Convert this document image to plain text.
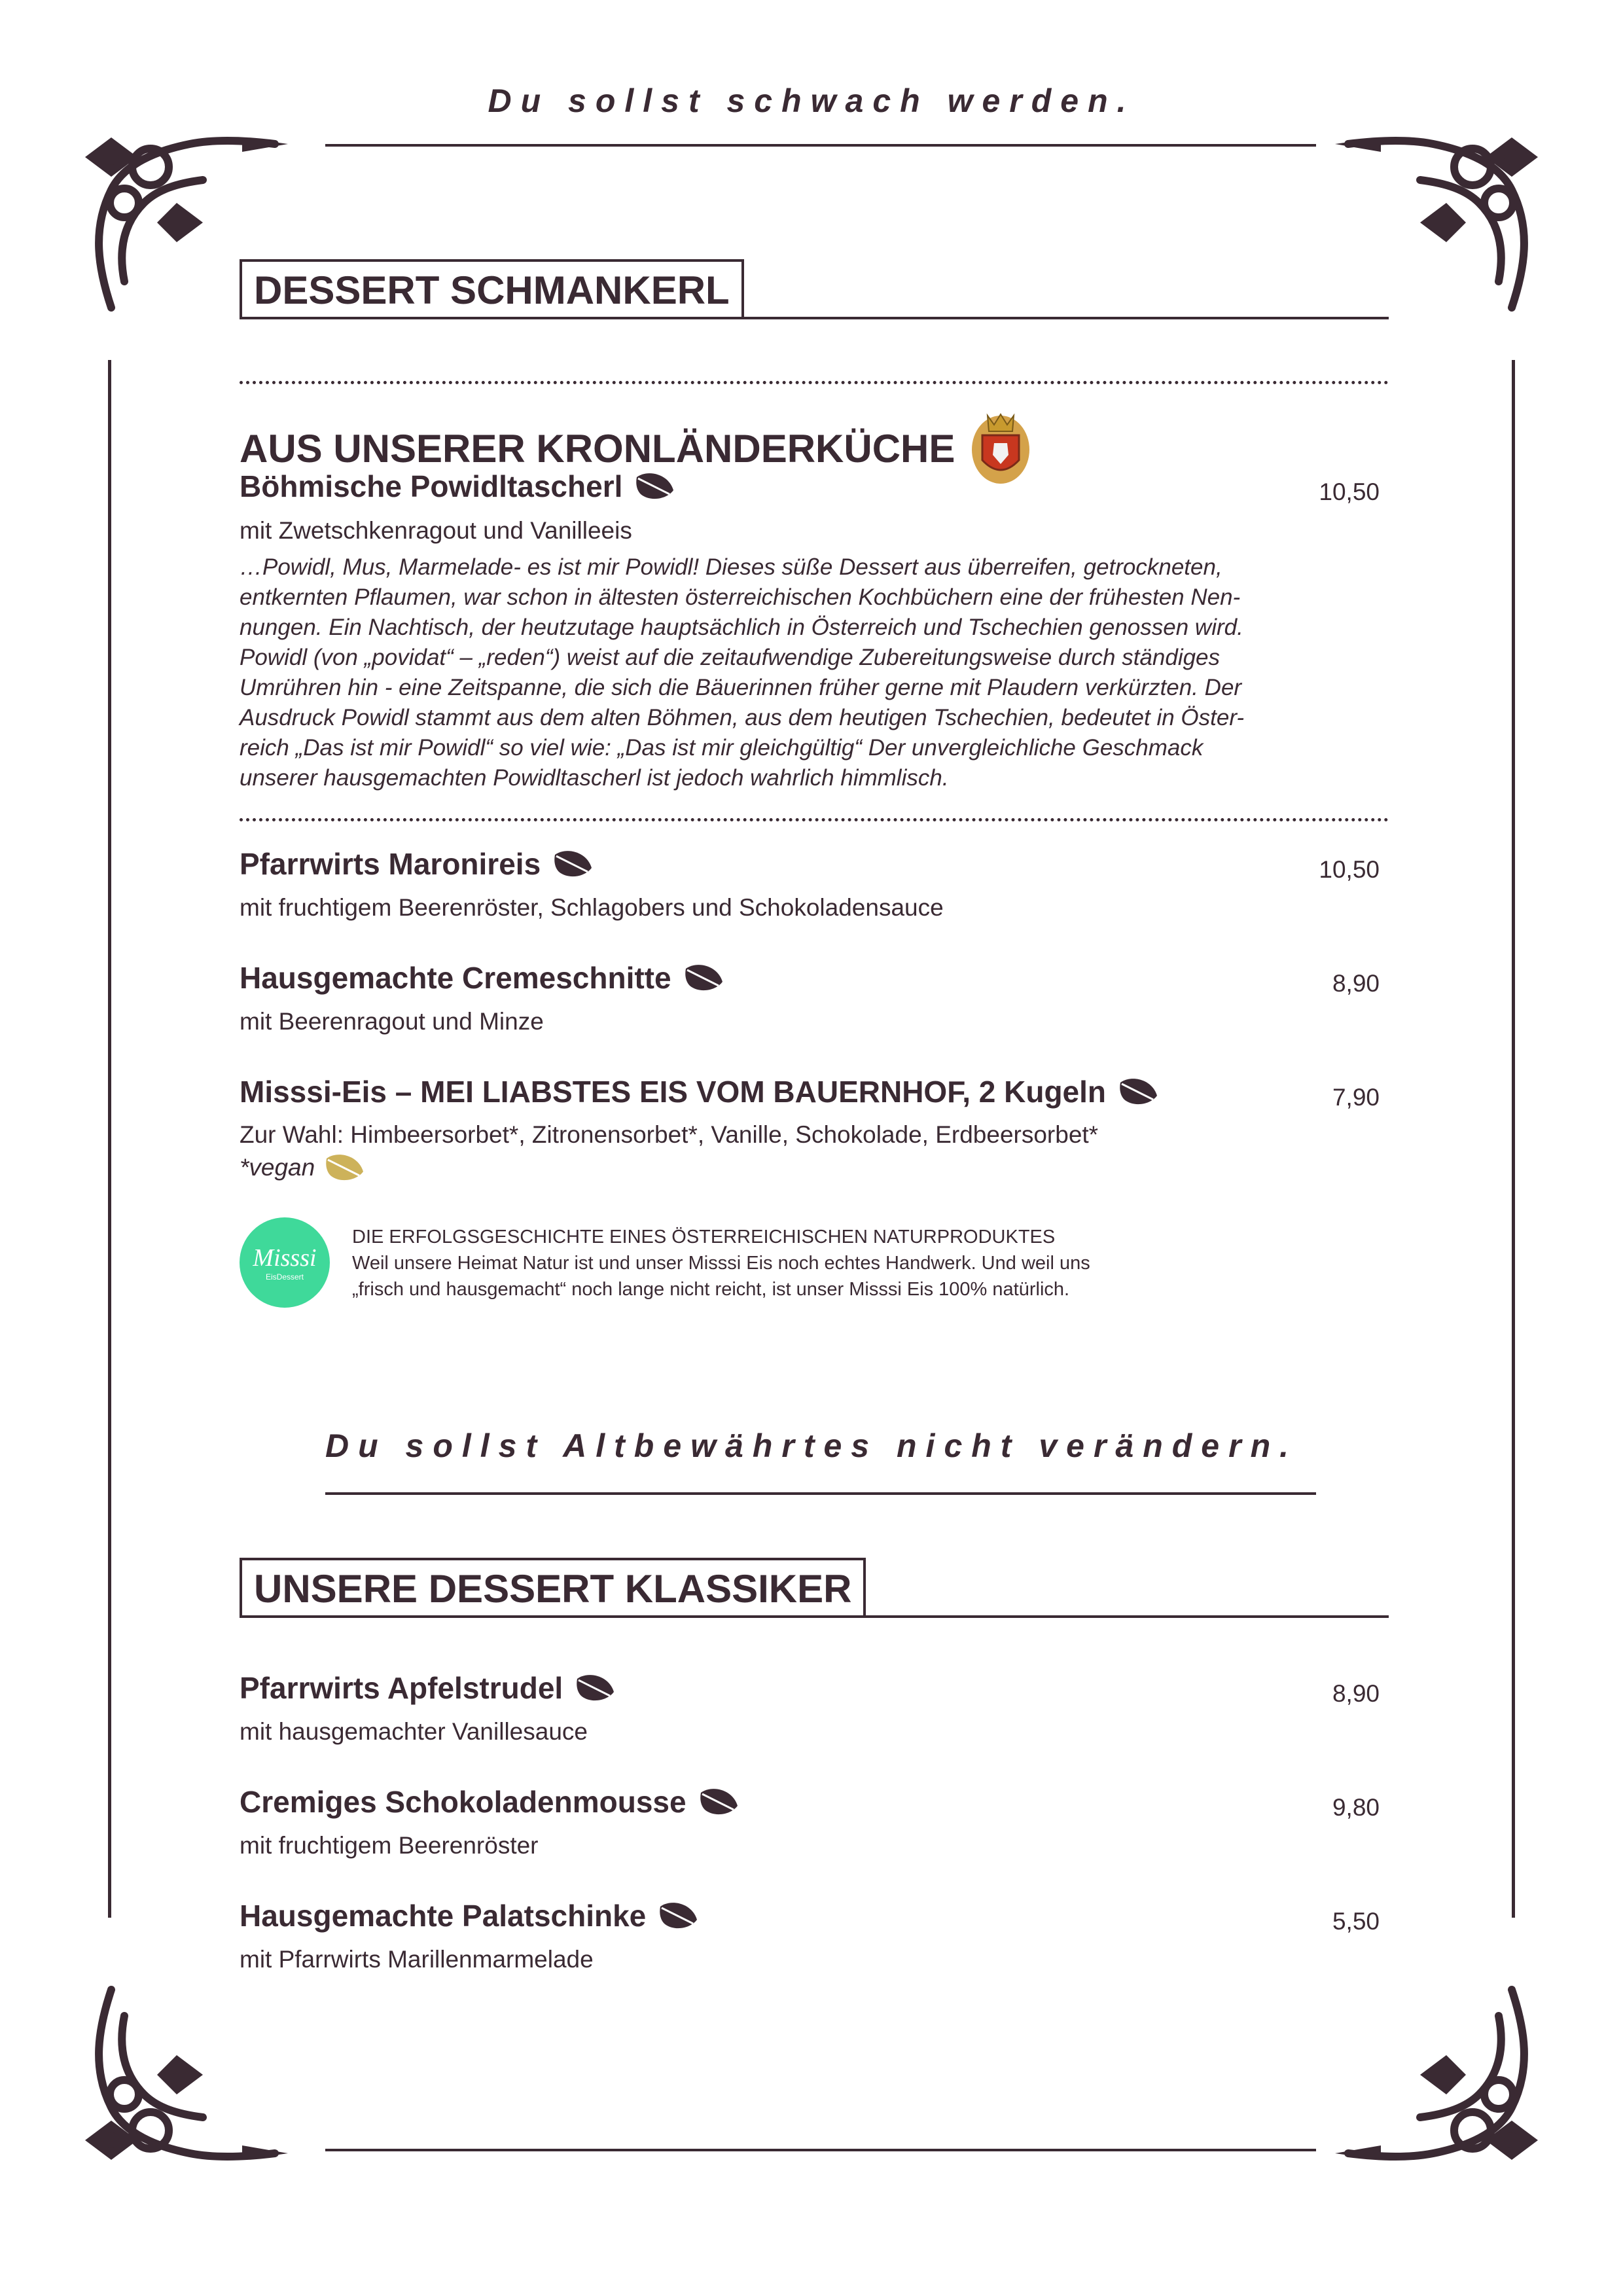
Du sollst schwach werden.
DESSERT SCHMANKERL
AUS UNSERER KRONLÄNDERKÜCHE
Böhmische Powidltascherl	10,50
mit Zwetschkenragout und Vanilleeis
…Powidl, Mus, Marmelade- es ist mir Powidl! Dieses süße Dessert aus überreifen, getrockneten,
entkernten Pflaumen, war schon in ältesten österreichischen Kochbüchern eine der frühesten Nen-
nungen. Ein Nachtisch, der heutzutage hauptsächlich in Österreich und Tschechien genossen wird.
Powidl (von „povidat“ – „reden“) weist auf die zeitaufwendige Zubereitungsweise durch ständiges
Umrühren hin - eine Zeitspanne, die sich die Bäuerinnen früher gerne mit Plaudern verkürzten. Der
Ausdruck Powidl stammt aus dem alten Böhmen, aus dem heutigen Tschechien, bedeutet in Öster-
reich „Das ist mir Powidl“ so viel wie: „Das ist mir gleichgültig“ Der unvergleichliche Geschmack
unserer hausgemachten Powidltascherl ist jedoch wahrlich himmlisch.
Pfarrwirts Maronireis	10,50
mit fruchtigem Beerenröster, Schlagobers und Schokoladensauce
Hausgemachte Cremeschnitte	8,90
mit Beerenragout und Minze
Misssi-Eis – MEI LIABSTES EIS VOM BAUERNHOF, 2 Kugeln	7,90
Zur Wahl: Himbeersorbet*, Zitronensorbet*, Vanille, Schokolade, Erdbeersorbet*
*vegan
Misssi
EisDessert
DIE ERFOLGSGESCHICHTE EINES ÖSTERREICHISCHEN NATURPRODUKTES
Weil unsere Heimat Natur ist und unser Misssi Eis noch echtes Handwerk. Und weil uns
„frisch und hausgemacht“ noch lange nicht reicht, ist unser Misssi Eis 100% natürlich.
Du sollst Altbewährtes nicht verändern.
UNSERE DESSERT KLASSIKER
Pfarrwirts Apfelstrudel	8,90
mit hausgemachter Vanillesauce
Cremiges Schokoladenmousse	9,80
mit fruchtigem Beerenröster
Hausgemachte Palatschinke	5,50
mit Pfarrwirts Marillenmarmelade
